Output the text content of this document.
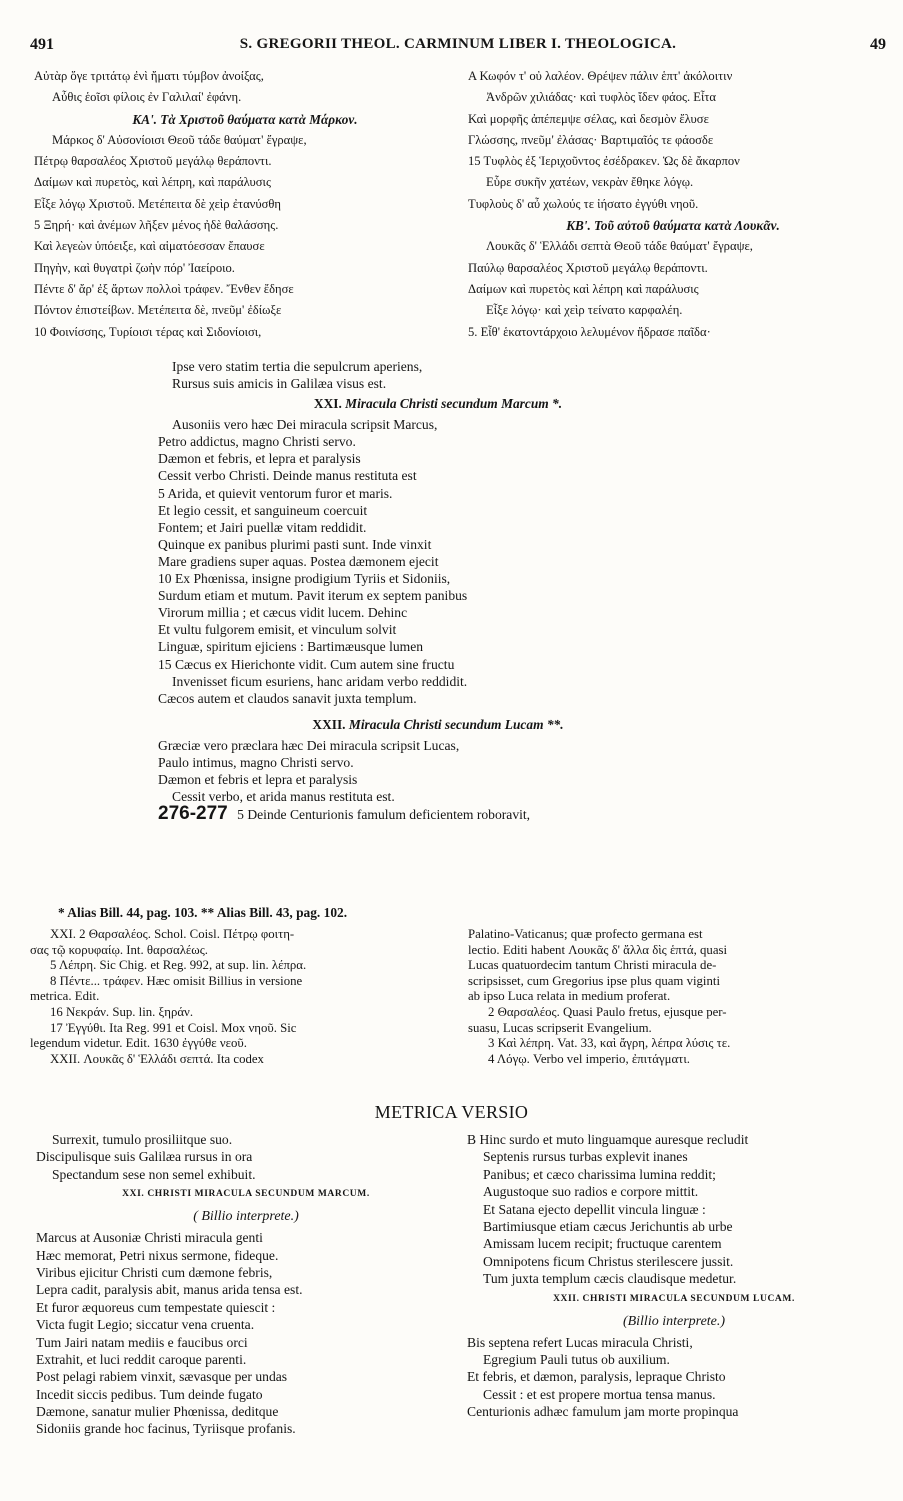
491	S. GREGORII THEOL. CARMINUM LIBER I. THEOLOGICA.	49
Αὐτὰρ ὅγε τριτάτῳ ἐνὶ ἤματι τύμβον ἀνοίξας,
Αὖθις ἑοῖσι φίλοις ἐν Γαλιλαί' ἐφάνη.
ΚΑ'. Τὰ Χριστοῦ θαύματα κατὰ Μάρκον.
Μάρκος δ' Αὐσονίοισι Θεοῦ τάδε θαύματ' ἔγραψε,
Πέτρῳ θαρσαλέος Χριστοῦ μεγάλῳ θεράποντι.
Δαίμων καὶ πυρετὸς, καὶ λέπρη, καὶ παράλυσις
Εἶξε λόγῳ Χριστοῦ. Μετέπειτα δὲ χεὶρ ἐτανύσθη
5 Ξηρή· καὶ ἀνέμων λῆξεν μένος ἠδὲ θαλάσσης.
Καὶ λεγεὼν ὑπόειξε, καὶ αἱματόεσσαν ἔπαυσε
Πηγὴν, καὶ θυγατρὶ ζωὴν πόρ' Ἰαείροιο.
Πέντε δ' ἄρ' ἐξ ἄρτων πολλοὶ τράφεν. Ἔνθεν ἔδησε
Πόντον ἐπιστείβων. Μετέπειτα δὲ, πνεῦμ' ἐδίωξε
10 Φοινίσσης, Τυρίοισι τέρας καὶ Σιδονίοισι,
Α Κωφόν τ' οὐ λαλέον. Θρέψεν πάλιν ἑπτ' ἀκόλοιτιν
Ἀνδρῶν χιλιάδας· καὶ τυφλὸς ἴδεν φάος. Εἶτα
Καὶ μορφῆς ἀπέπεμψε σέλας, καὶ δεσμὸν ἔλυσε
Γλώσσης, πνεῦμ' ἐλάσας· Βαρτιμαῖός τε φάοσδε
15 Τυφλὸς ἐξ Ἱεριχοῦντος ἐσέδρακεν. Ὡς δὲ ἄκαρπον
Εὗρε συκῆν χατέων, νεκρὰν ἔθηκε λόγῳ.
Τυφλοὺς δ' αὖ χωλούς τε ἰήσατο ἐγγύθι νηοῦ.
ΚΒ'. Τοῦ αὐτοῦ θαύματα κατὰ Λουκᾶν.
Λουκᾶς δ' Ἑλλάδι σεπτὰ Θεοῦ τάδε θαύματ' ἔγραψε,
Παύλῳ θαρσαλέος Χριστοῦ μεγάλῳ θεράποντι.
Δαίμων καὶ πυρετὸς καὶ λέπρη καὶ παράλυσις
Εἶξε λόγῳ· καὶ χεὶρ τείνατο καρφαλέη.
5. Εἶθ' ἑκατοντάρχοιο λελυμένον ἤδρασε παῖδα·
Ipse vero statim tertia die sepulcrum aperiens,
Rursus suis amicis in Galilæa visus est.
XXI. Miracula Christi secundum Marcum *.
Ausoniis vero hæc Dei miracula scripsit Marcus,
Petro addictus, magno Christi servo.
Dæmon et febris, et lepra et paralysis
Cessit verbo Christi. Deinde manus restituta est
5 Arida, et quievit ventorum furor et maris.
Et legio cessit, et sanguineum coercuit
Fontem; et Jairi puellæ vitam reddidit.
Quinque ex panibus plurimi pasti sunt. Inde vinxit
Mare gradiens super aquas. Postea dæmonem ejecit
10 Ex Phœnissa, insigne prodigium Tyriis et Sidoniis,
Surdum etiam et mutum. Pavit iterum ex septem panibus
Virorum millia ; et cæcus vidit lucem. Dehinc
Et vultu fulgorem emisit, et vinculum solvit
Linguæ, spiritum ejiciens : Bartimæusque lumen
15 Cæcus ex Hierichonte vidit. Cum autem sine fructu
Invenisset ficum esuriens, hanc aridam verbo reddidit.
Cæcos autem et claudos sanavit juxta templum.
XXII. Miracula Christi secundum Lucam **.
Græciæ vero præclara hæc Dei miracula scripsit Lucas,
Paulo intimus, magno Christi servo.
Dæmon et febris et lepra et paralysis
Cessit verbo, et arida manus restituta est.
276-277 5 Deinde Centurionis famulum deficientem roboravit,
* Alias Bill. 44, pag. 103. ** Alias Bill. 43, pag. 102.
XXI. 2 Θαρσαλέος. Schol. Coisl. Πέτρῳ φοιτη-
σας τῷ κορυφαίῳ. Int. θαρσαλέως.
5 Λέπρη. Sic Chig. et Reg. 992, at sup. lin. λέπρα.
8 Πέντε... τράφεν. Hæc omisit Billius in versione
metrica. Edit.
16 Νεκράν. Sup. lin. ξηράν.
17 Ἐγγύθι. Ita Reg. 991 et Coisl. Mox νηοῦ. Sic
legendum videtur. Edit. 1630 ἐγγύθε νεοῦ.
XXII. Λουκᾶς δ' Ἑλλάδι σεπτά. Ita codex
Palatino-Vaticanus; quæ profecto germana est
lectio. Editi habent Λουκᾶς δ' ἄλλα δὶς ἑπτά, quasi
Lucas quatuordecim tantum Christi miracula de-
scripsisset, cum Gregorius ipse plus quam viginti
ab ipso Luca relata in medium proferat.
2 Θαρσαλέος. Quasi Paulo fretus, ejusque per-
suasu, Lucas scripserit Evangelium.
3 Καὶ λέπρη. Vat. 33, καὶ ἄγρη, λέπρα λύσις τε.
4 Λόγῳ. Verbo vel imperio, ἐπιτάγματι.
METRICA VERSIO
Surrexit, tumulo prosiliitque suo.
Discipulisque suis Galilæa rursus in ora
Spectandum sese non semel exhibuit.
XXI. CHRISTI MIRACULA SECUNDUM MARCUM.
( Billio interprete.)
Marcus at Ausoniæ Christi miracula genti
Hæc memorat, Petri nixus sermone, fideque.
Viribus ejicitur Christi cum dæmone febris,
Lepra cadit, paralysis abit, manus arida tensa est.
Et furor æquoreus cum tempestate quiescit :
Victa fugit Legio; siccatur vena cruenta.
Tum Jairi natam mediis e faucibus orci
Extrahit, et luci reddit caroque parenti.
Post pelagi rabiem vinxit, sævasque per undas
Incedit siccis pedibus. Tum deinde fugato
Dæmone, sanatur mulier Phœnissa, deditque
Sidoniis grande hoc facinus, Tyriisque profanis.
B Hinc surdo et muto linguamque auresque recludit
Septenis rursus turbas explevit inanes
Panibus; et cæco charissima lumina reddit;
Augustoque suo radios e corpore mittit.
Et Satana ejecto depellit vincula linguæ :
Bartimiusque etiam cæcus Jerichuntis ab urbe
Amissam lucem recipit; fructuque carentem
Omnipotens ficum Christus sterilescere jussit.
Tum juxta templum cæcis claudisque medetur.
XXII. CHRISTI MIRACULA SECUNDUM LUCAM.
(Billio interprete.)
Bis septena refert Lucas miracula Christi,
Egregium Pauli tutus ob auxilium.
Et febris, et dæmon, paralysis, lepraque Christo
Cessit : et est propere mortua tensa manus.
Centurionis adhæc famulum jam morte propinqua
